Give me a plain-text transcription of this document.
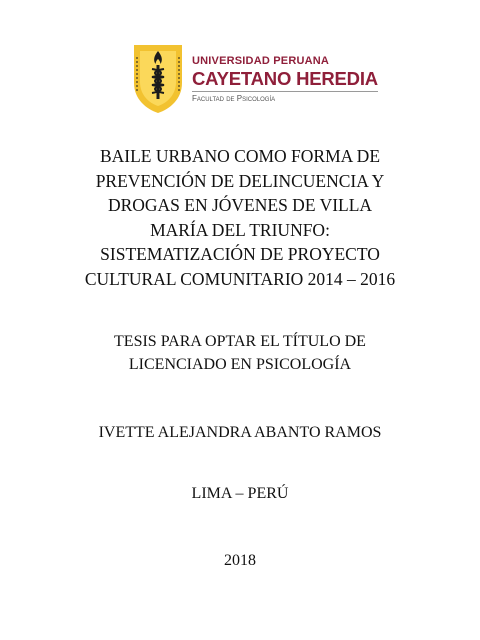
UNIVERSIDAD PERUANA
CAYETANO HEREDIA
Facultad de Psicología
BAILE URBANO COMO FORMA DE
PREVENCIÓN DE DELINCUENCIA Y
DROGAS EN JÓVENES DE VILLA
MARÍA DEL TRIUNFO:
SISTEMATIZACIÓN DE PROYECTO
CULTURAL COMUNITARIO 2014 – 2016
TESIS PARA OPTAR EL TÍTULO DE
LICENCIADO EN PSICOLOGÍA
IVETTE ALEJANDRA ABANTO RAMOS
LIMA – PERÚ
2018
